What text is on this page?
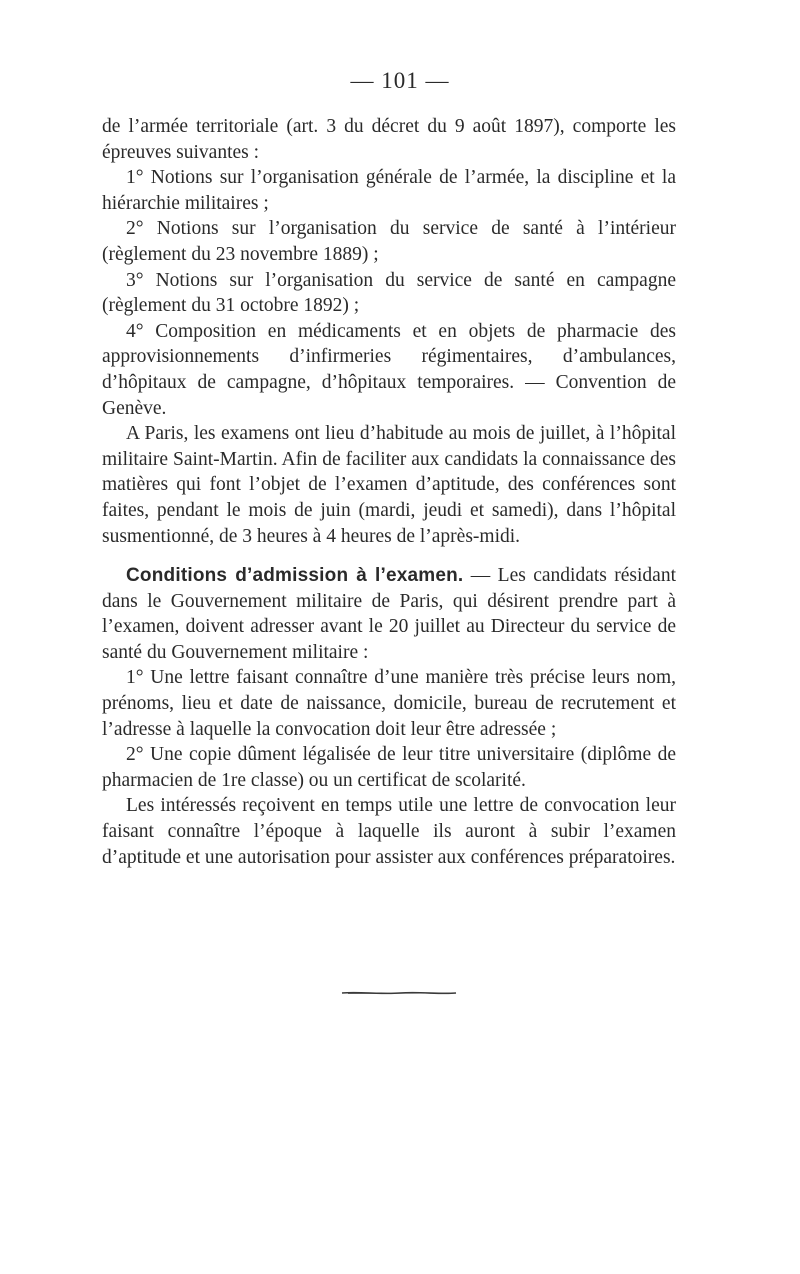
— 101 —

de l’armée territoriale (art. 3 du décret du 9 août 1897), comporte les épreuves suivantes :

1° Notions sur l’organisation générale de l’armée, la discipline et la hiérarchie militaires ;

2° Notions sur l’organisation du service de santé à l’intérieur (règlement du 23 novembre 1889) ;

3° Notions sur l’organisation du service de santé en campagne (règlement du 31 octobre 1892) ;

4° Composition en médicaments et en objets de pharmacie des approvisionnements d’infirmeries régimentaires, d’ambulances, d’hôpitaux de campagne, d’hôpitaux temporaires. — Convention de Genève.

A Paris, les examens ont lieu d’habitude au mois de juillet, à l’hôpital militaire Saint-Martin. Afin de faciliter aux candidats la connaissance des matières qui font l’objet de l’examen d’aptitude, des conférences sont faites, pendant le mois de juin (mardi, jeudi et samedi), dans l’hôpital susmentionné, de 3 heures à 4 heures de l’après-midi.

Conditions d’admission à l’examen. — Les candidats résidant dans le Gouvernement militaire de Paris, qui désirent prendre part à l’examen, doivent adresser avant le 20 juillet au Directeur du service de santé du Gouvernement militaire :

1° Une lettre faisant connaître d’une manière très précise leurs nom, prénoms, lieu et date de naissance, domicile, bureau de recrutement et l’adresse à laquelle la convocation doit leur être adressée ;

2° Une copie dûment légalisée de leur titre universitaire (diplôme de pharmacien de 1re classe) ou un certificat de scolarité.

Les intéressés reçoivent en temps utile une lettre de convocation leur faisant connaître l’époque à laquelle ils auront à subir l’examen d’aptitude et une autorisation pour assister aux conférences préparatoires.
